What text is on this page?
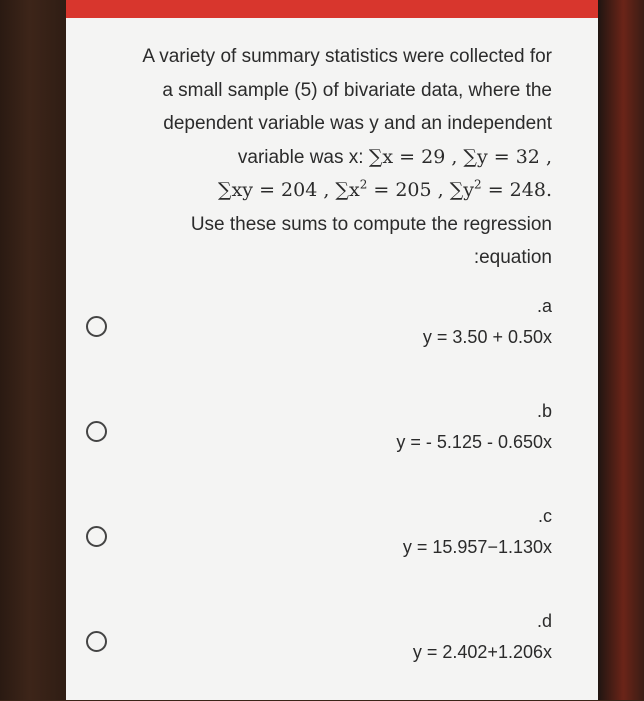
A variety of summary statistics were collected for
a small sample (5) of bivariate data, where the
dependent variable was y and an independent
variable was x: ∑x = 29 , ∑y = 32 ,
∑xy = 204 , $\sum x^2 = 205$ , $\sum y^2 = 248$.
Use these sums to compute the regression
:equation
.a
y = 3.50 + 0.50x
.b
y = - 5.125 - 0.650x
.c
y = 15.957−1.130x
.d
y = 2.402+1.206x
